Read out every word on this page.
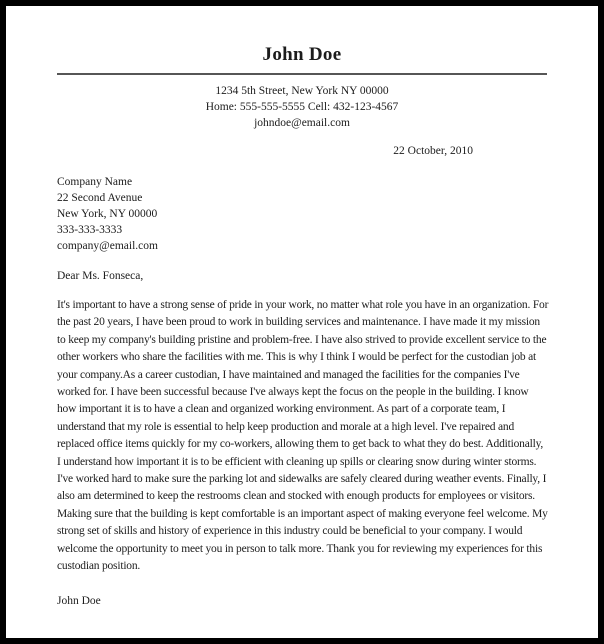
John Doe
1234 5th Street, New York NY 00000
Home: 555-555-5555 Cell: 432-123-4567
johndoe@email.com
22 October, 2010
Company Name
22 Second Avenue
New York, NY 00000
333-333-3333
company@email.com
Dear Ms. Fonseca,

It's important to have a strong sense of pride in your work, no matter what role you have in an organization. For the past 20 years, I have been proud to work in building services and maintenance. I have made it my mission to keep my company's building pristine and problem-free. I have also strived to provide excellent service to the other workers who share the facilities with me. This is why I think I would be perfect for the custodian job at your company.As a career custodian, I have maintained and managed the facilities for the companies I've worked for. I have been successful because I've always kept the focus on the people in the building. I know how important it is to have a clean and organized working environment. As part of a corporate team, I understand that my role is essential to help keep production and morale at a high level. I've repaired and replaced office items quickly for my co-workers, allowing them to get back to what they do best. Additionally, I understand how important it is to be efficient with cleaning up spills or clearing snow during winter storms. I've worked hard to make sure the parking lot and sidewalks are safely cleared during weather events. Finally, I also am determined to keep the restrooms clean and stocked with enough products for employees or visitors. Making sure that the building is kept comfortable is an important aspect of making everyone feel welcome. My strong set of skills and history of experience in this industry could be beneficial to your company. I would welcome the opportunity to meet you in person to talk more. Thank you for reviewing my experiences for this custodian position.

John Doe
